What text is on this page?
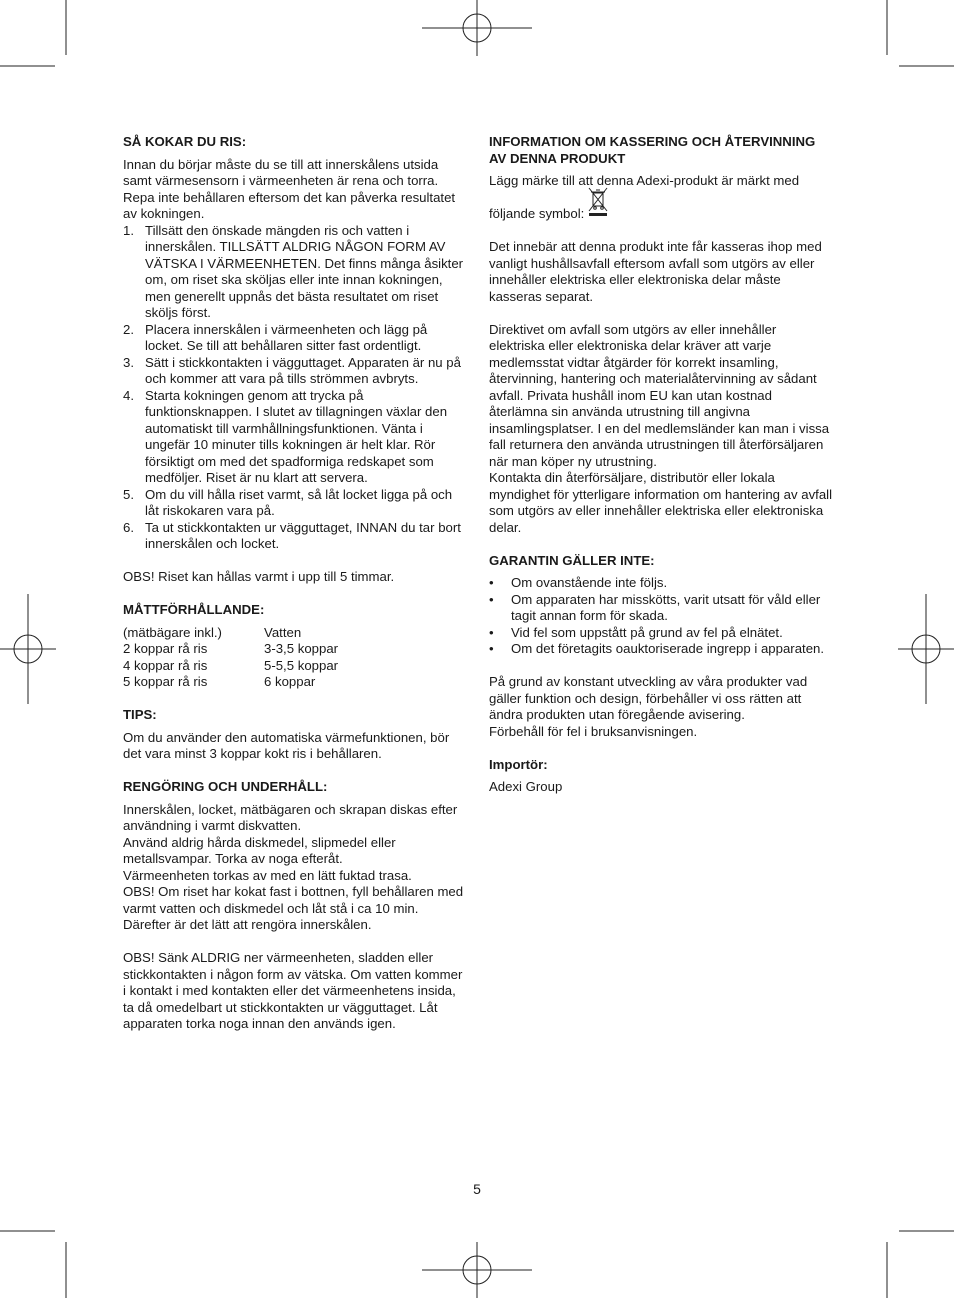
SÅ KOKAR DU RIS:

Innan du börjar måste du se till att innerskålens utsida samt värmesensorn i värmeenheten är rena och torra. Repa inte behållaren eftersom det kan påverka resultatet av kokningen.

1. Tillsätt den önskade mängden ris och vatten i innerskålen. TILLSÄTT ALDRIG NÅGON FORM AV VÄTSKA I VÄRMEENHETEN. Det finns många åsikter om, om riset ska sköljas eller inte innan kokningen, men generellt uppnås det bästa resultatet om riset sköljs först.
2. Placera innerskålen i värmeenheten och lägg på locket. Se till att behållaren sitter fast ordentligt.
3. Sätt i stickkontakten i vägguttaget. Apparaten är nu på och kommer att vara på tills strömmen avbryts.
4. Starta kokningen genom att trycka på funktionsknappen. I slutet av tillagningen växlar den automatiskt till varmhållningsfunktionen. Vänta i ungefär 10 minuter tills kokningen är helt klar. Rör försiktigt om med det spadformiga redskapet som medföljer. Riset är nu klart att servera.
5. Om du vill hålla riset varmt, så låt locket ligga på och låt riskokaren vara på.
6. Ta ut stickkontakten ur vägguttaget, INNAN du tar bort innerskålen och locket.

OBS! Riset kan hållas varmt i upp till 5 timmar.

MÅTTFÖRHÅLLANDE:

(mätbägare inkl.)	Vatten
2 koppar rå ris	3-3,5 koppar
4 koppar rå ris	5-5,5 koppar
5 koppar rå ris	6 koppar

TIPS:

Om du använder den automatiska värmefunktionen, bör det vara minst 3 koppar kokt ris i behållaren.

RENGÖRING OCH UNDERHÅLL:

Innerskålen, locket, mätbägaren och skrapan diskas efter användning i varmt diskvatten.
Använd aldrig hårda diskmedel, slipmedel eller metallsvampar. Torka av noga efteråt.
Värmeenheten torkas av med en lätt fuktad trasa.
OBS! Om riset har kokat fast i bottnen, fyll behållaren med varmt vatten och diskmedel och låt stå i ca 10 min. Därefter är det lätt att rengöra innerskålen.

OBS! Sänk ALDRIG ner värmeenheten, sladden eller stickkontakten i någon form av vätska. Om vatten kommer i kontakt i med kontakten eller det värmeenhetens insida, ta då omedelbart ut stickkontakten ur vägguttaget. Låt apparaten torka noga innan den används igen.

INFORMATION OM KASSERING OCH ÅTERVINNING AV DENNA PRODUKT

Lägg märke till att denna Adexi-produkt är märkt med

följande symbol:

Det innebär att denna produkt inte får kasseras ihop med vanligt hushållsavfall eftersom avfall som utgörs av eller innehåller elektriska eller elektroniska delar måste kasseras separat.

Direktivet om avfall som utgörs av eller innehåller elektriska eller elektroniska delar kräver att varje medlemsstat vidtar åtgärder för korrekt insamling, återvinning, hantering och materialåtervinning av sådant avfall. Privata hushåll inom EU kan utan kostnad återlämna sin använda utrustning till angivna insamlingsplatser. I en del medlemsländer kan man i vissa fall returnera den använda utrustningen till återförsäljaren när man köper ny utrustning.
Kontakta din återförsäljare, distributör eller lokala myndighet för ytterligare information om hantering av avfall som utgörs av eller innehåller elektriska eller elektroniska delar.

GARANTIN GÄLLER INTE:

• Om ovanstående inte följs.
• Om apparaten har misskötts, varit utsatt för våld eller tagit annan form för skada.
• Vid fel som uppstått på grund av fel på elnätet.
• Om det företagits oauktoriserade ingrepp i apparaten.

På grund av konstant utveckling av våra produkter vad gäller funktion och design, förbehåller vi oss rätten att ändra produkten utan föregående avisering.
Förbehåll för fel i bruksanvisningen.

Importör:

Adexi Group

5
